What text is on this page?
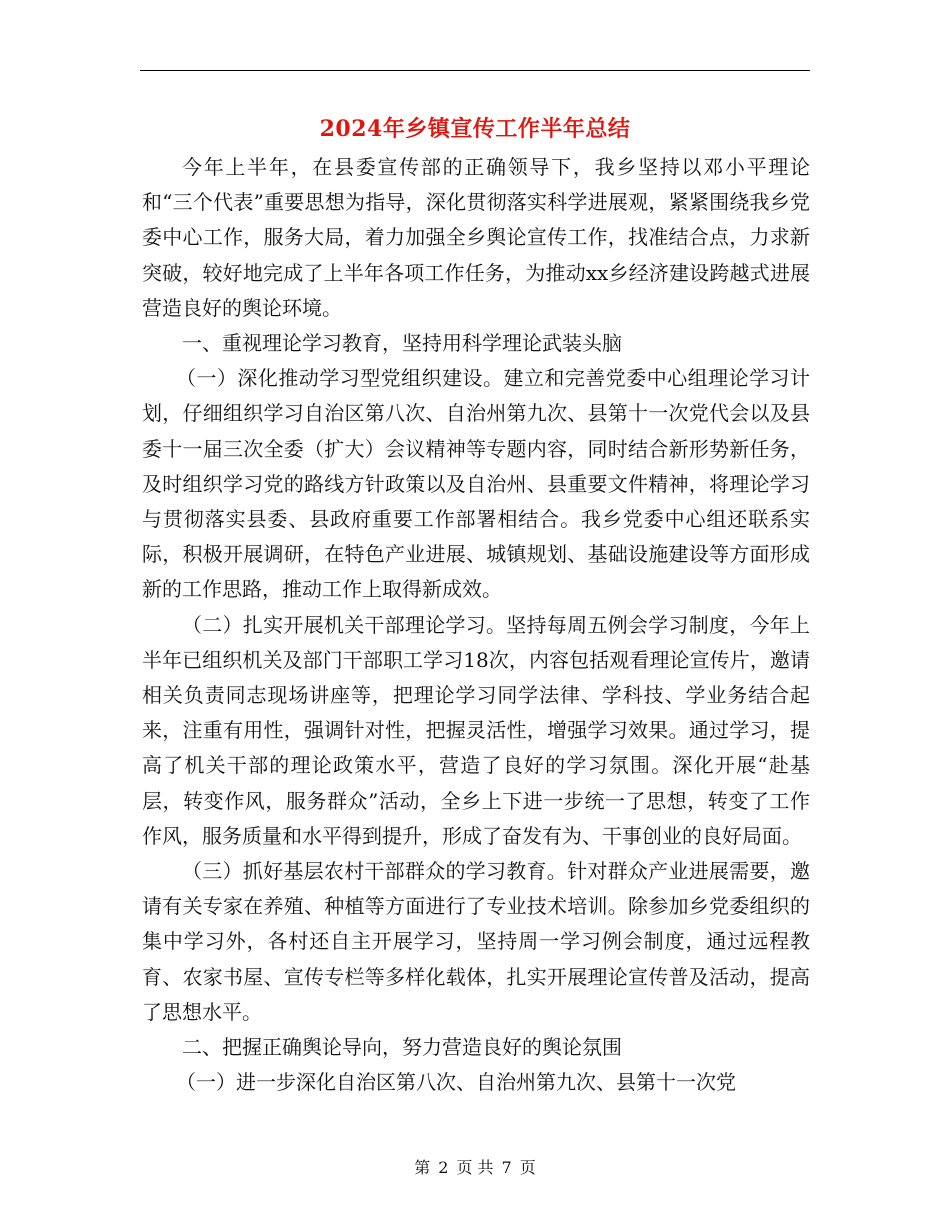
2024年乡镇宣传工作半年总结

今年上半年，在县委宣传部的正确领导下，我乡坚持以邓小平理论和“三个代表”重要思想为指导，深化贯彻落实科学进展观，紧紧围绕我乡党委中心工作，服务大局，着力加强全乡舆论宣传工作，找准结合点，力求新突破，较好地完成了上半年各项工作任务，为推动xx乡经济建设跨越式进展营造良好的舆论环境。

一、重视理论学习教育，坚持用科学理论武装头脑

（一）深化推动学习型党组织建设。建立和完善党委中心组理论学习计划，仔细组织学习自治区第八次、自治州第九次、县第十一次党代会以及县委十一届三次全委（扩大）会议精神等专题内容，同时结合新形势新任务，及时组织学习党的路线方针政策以及自治州、县重要文件精神，将理论学习与贯彻落实县委、县政府重要工作部署相结合。我乡党委中心组还联系实际，积极开展调研，在特色产业进展、城镇规划、基础设施建设等方面形成新的工作思路，推动工作上取得新成效。

（二）扎实开展机关干部理论学习。坚持每周五例会学习制度，今年上半年已组织机关及部门干部职工学习18次，内容包括观看理论宣传片，邀请相关负责同志现场讲座等，把理论学习同学法律、学科技、学业务结合起来，注重有用性，强调针对性，把握灵活性，增强学习效果。通过学习，提高了机关干部的理论政策水平，营造了良好的学习氛围。深化开展“赴基层，转变作风，服务群众”活动，全乡上下进一步统一了思想，转变了工作作风，服务质量和水平得到提升，形成了奋发有为、干事创业的良好局面。

（三）抓好基层农村干部群众的学习教育。针对群众产业进展需要，邀请有关专家在养殖、种植等方面进行了专业技术培训。除参加乡党委组织的集中学习外，各村还自主开展学习，坚持周一学习例会制度，通过远程教育、农家书屋、宣传专栏等多样化载体，扎实开展理论宣传普及活动，提高了思想水平。

二、把握正确舆论导向，努力营造良好的舆论氛围

（一）进一步深化自治区第八次、自治州第九次、县第十一次党

第 2 页 共 7 页
